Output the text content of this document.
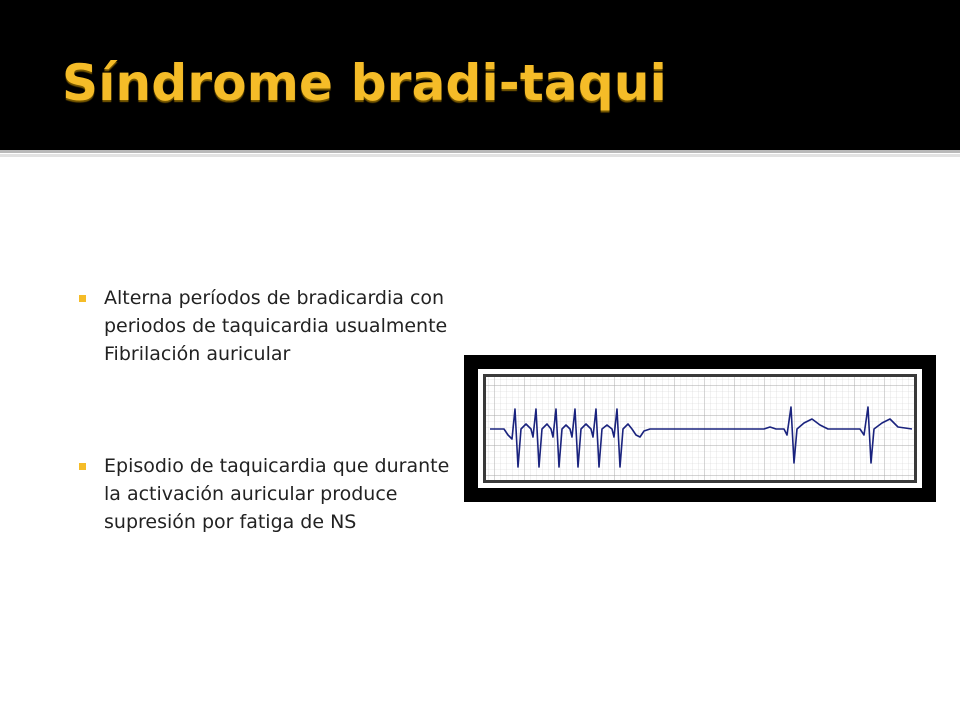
Síndrome bradi-taqui
Alterna períodos de bradicardia con periodos de taquicardia usualmente Fibrilación auricular
Episodio de taquicardia que durante la activación auricular produce supresión por fatiga de NS
